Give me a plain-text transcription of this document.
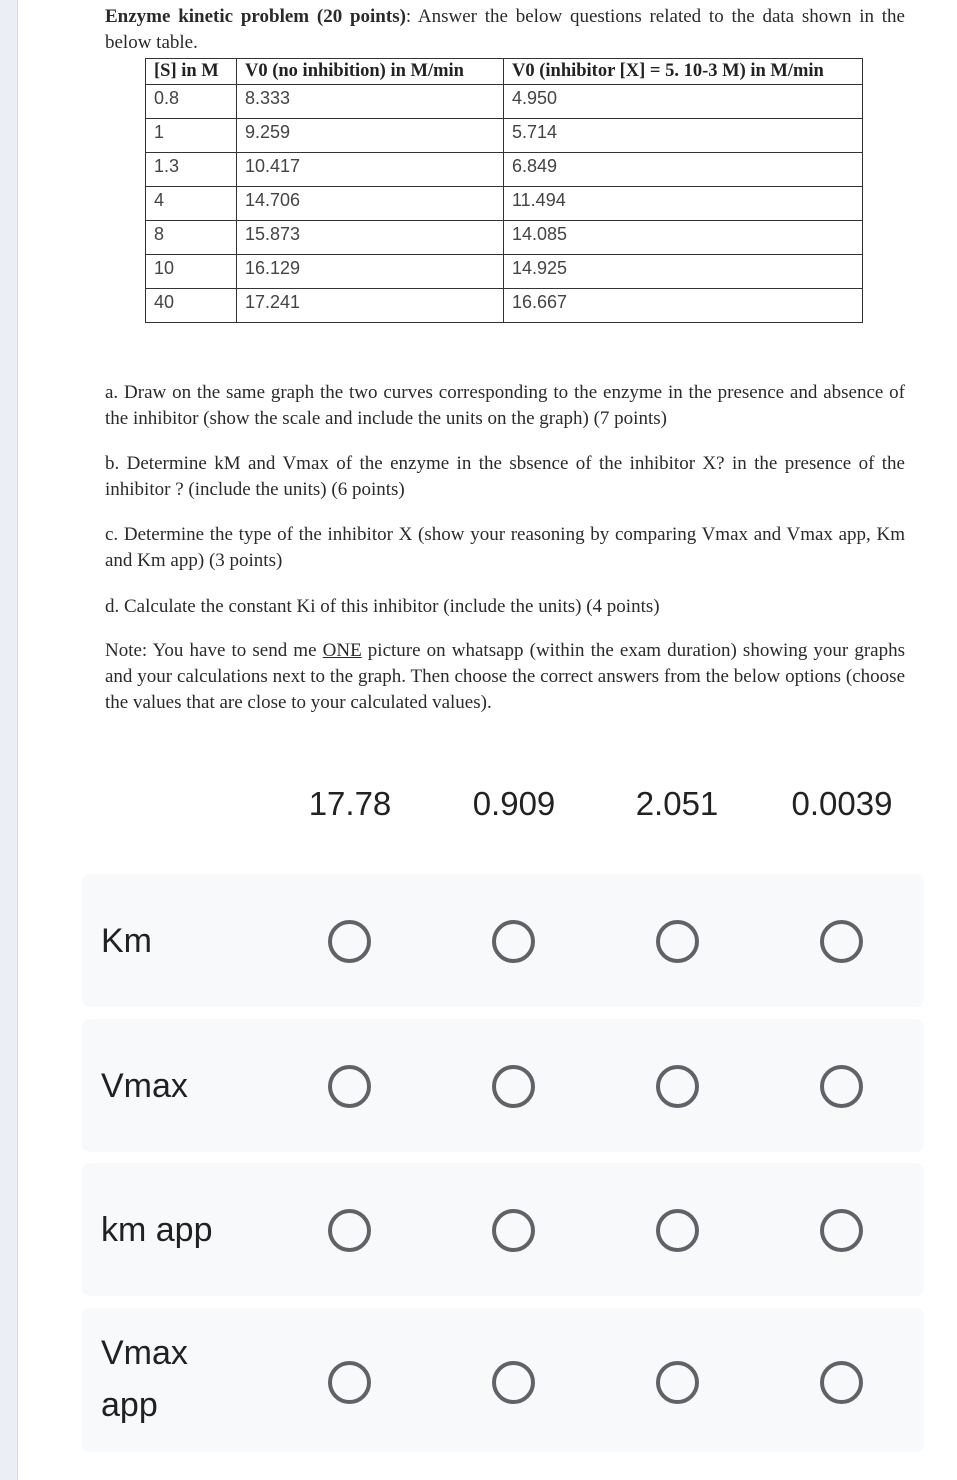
Enzyme kinetic problem (20 points): Answer the below questions related to the data shown in the below table.

[S] in M	V0 (no inhibition) in M/min	V0 (inhibitor [X] = 5. 10-3 M) in M/min
0.8	8.333	4.950
1	9.259	5.714
1.3	10.417	6.849
4	14.706	11.494
8	15.873	14.085
10	16.129	14.925
40	17.241	16.667

a. Draw on the same graph the two curves corresponding to the enzyme in the presence and absence of the inhibitor (show the scale and include the units on the graph) (7 points)

b. Determine kM and Vmax of the enzyme in the sbsence of the inhibitor X? in the presence of the inhibitor ? (include the units) (6 points)

c. Determine the type of the inhibitor X (show your reasoning by comparing Vmax and Vmax app, Km and Km app) (3 points)

d. Calculate the constant Ki of this inhibitor (include the units) (4 points)

Note: You have to send me ONE picture on whatsapp (within the exam duration) showing your graphs and your calculations next to the graph. Then choose the correct answers from the below options (choose the values that are close to your calculated values).

17.78	0.909	2.051	0.0039
Km
Vmax
km app
Vmax app
